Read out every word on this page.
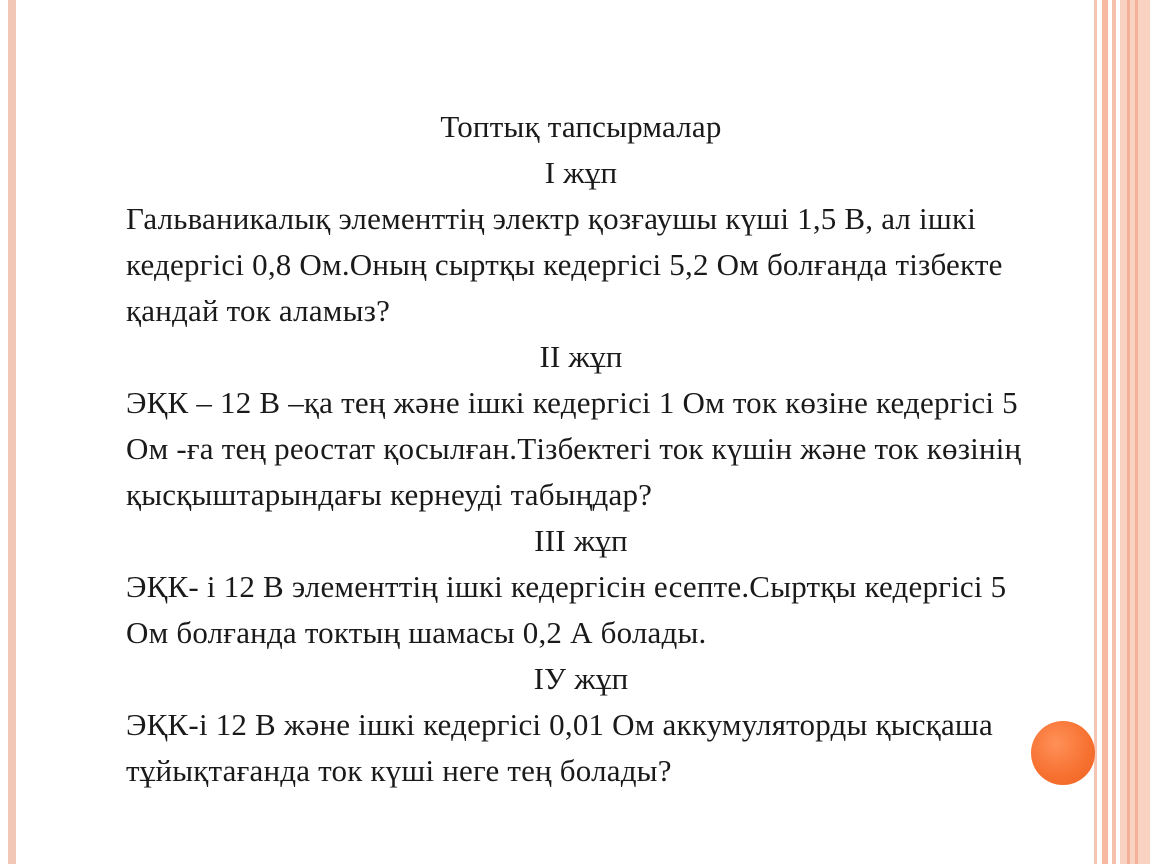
Топтық тапсырмалар

I жұп

Гальваникалық элементтің электр қозғаушы күші 1,5 В, ал ішкі кедергісі 0,8 Ом.Оның сыртқы кедергісі 5,2 Ом болғанда тізбекте қандай ток аламыз?

II жұп

ЭҚК – 12 В –қа тең және ішкі кедергісі 1 Ом ток көзіне кедергісі 5 Ом -ға тең реостат қосылған.Тізбектегі ток күшін және ток көзінің қысқыштарындағы кернеуді табыңдар?

III жұп

ЭҚК- і 12 В элементтің ішкі кедергісін есепте.Сыртқы кедергісі 5 Ом болғанда токтың шамасы 0,2 А болады.

IУ жұп

ЭҚК-і 12 В және ішкі кедергісі 0,01 Ом аккумуляторды қысқаша тұйықтағанда ток күші неге тең болады?
